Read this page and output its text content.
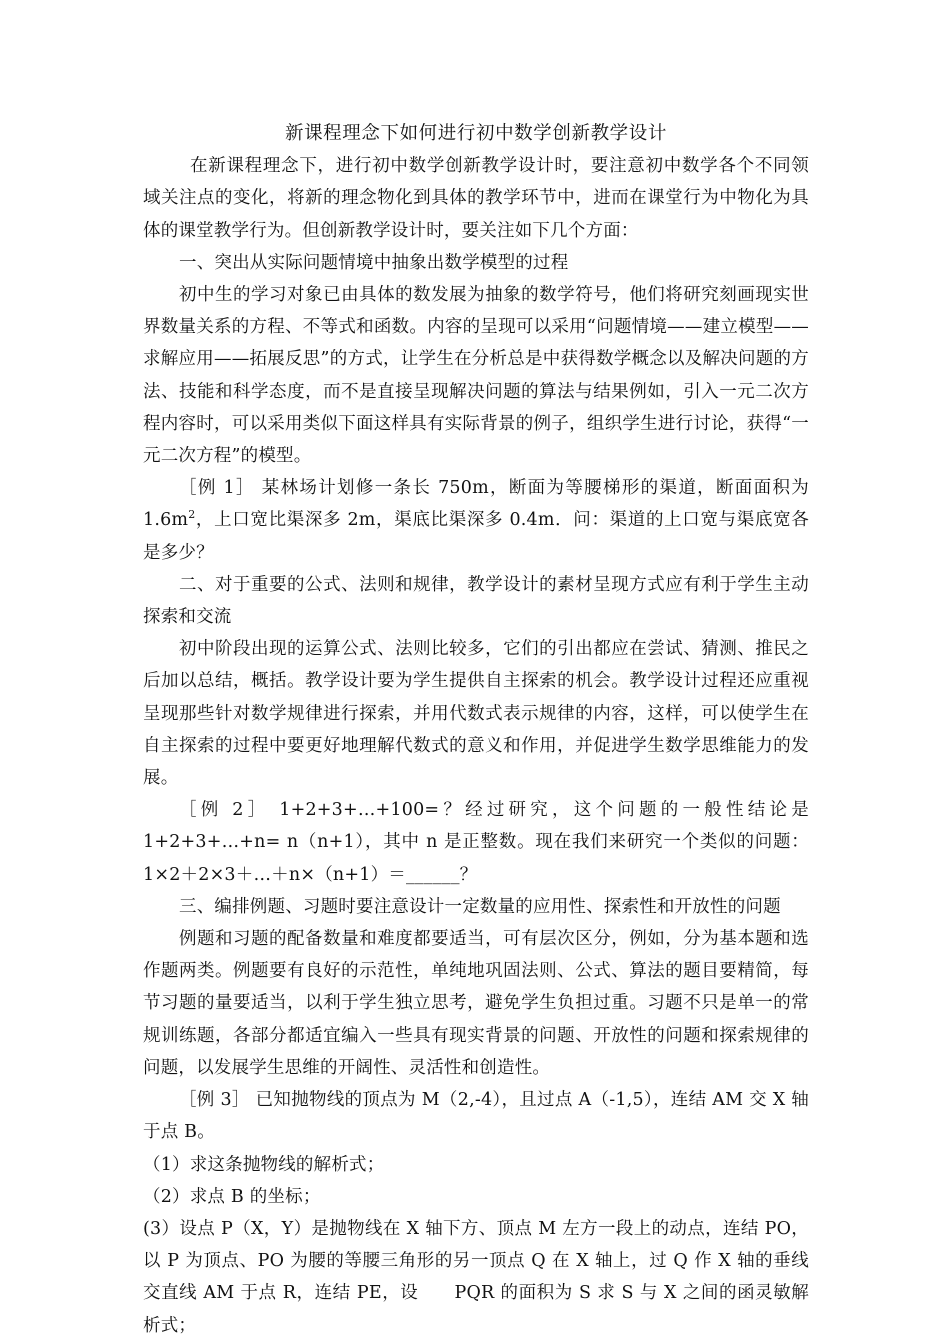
新课程理念下如何进行初中数学创新教学设计

在新课程理念下，进行初中数学创新教学设计时，要注意初中数学各个不同领域关注点的变化，将新的理念物化到具体的教学环节中，进而在课堂行为中物化为具体的课堂教学行为。但创新教学设计时，要关注如下几个方面：

一、突出从实际问题情境中抽象出数学模型的过程

初中生的学习对象已由具体的数发展为抽象的数学符号，他们将研究刻画现实世界数量关系的方程、不等式和函数。内容的呈现可以采用“问题情境——建立模型——求解应用——拓展反思”的方式，让学生在分析总是中获得数学概念以及解决问题的方法、技能和科学态度，而不是直接呈现解决问题的算法与结果例如，引入一元二次方程内容时，可以采用类似下面这样具有实际背景的例子，组织学生进行讨论，获得“一元二次方程”的模型。

［例 1］ 某林场计划修一条长 750m，断面为等腰梯形的渠道，断面面积为 $1.6m^2$，上口宽比渠深多 2m，渠底比渠深多 0.4m．问：渠道的上口宽与渠底宽各是多少？

二、对于重要的公式、法则和规律，教学设计的素材呈现方式应有利于学生主动探索和交流

初中阶段出现的运算公式、法则比较多，它们的引出都应在尝试、猜测、推民之后加以总结，概括。教学设计要为学生提供自主探索的机会。教学设计过程还应重视呈现那些针对数学规律进行探索，并用代数式表示规律的内容，这样，可以使学生在自主探索的过程中要更好地理解代数式的意义和作用，并促进学生数学思维能力的发展。

［例 2］ 1+2+3+…+100=？经过研究，这个问题的一般性结论是 1+2+3+…+n= n（n+1），其中 n 是正整数。现在我们来研究一个类似的问题：1×2＋2×3＋…＋n×（n+1）＝______？

三、编排例题、习题时要注意设计一定数量的应用性、探索性和开放性的问题

例题和习题的配备数量和难度都要适当，可有层次区分，例如，分为基本题和选作题两类。例题要有良好的示范性，单纯地巩固法则、公式、算法的题目要精简，每节习题的量要适当，以利于学生独立思考，避免学生负担过重。习题不只是单一的常规训练题，各部分都适宜编入一些具有现实背景的问题、开放性的问题和探索规律的问题，以发展学生思维的开阔性、灵活性和创造性。

［例 3］ 已知抛物线的顶点为 M（2,-4），且过点 A（-1,5），连结 AM 交 X 轴于点 B。

（1）求这条抛物线的解析式；

（2）求点 B 的坐标；

(3）设点 P（X，Y）是抛物线在 X 轴下方、顶点 M 左方一段上的动点，连结 PO，以 P 为顶点、PO 为腰的等腰三角形的另一顶点 Q 在 X 轴上，过 Q 作 X 轴的垂线交直线 AM 于点 R，连结 PE，设　　PQR 的面积为 S 求 S 与 X 之间的函灵敏解析式；
